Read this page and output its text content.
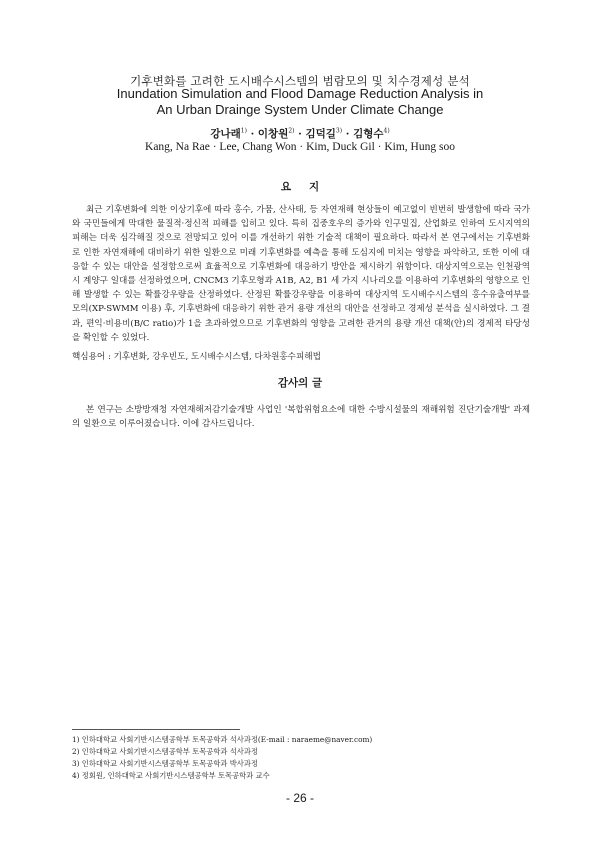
기후변화를 고려한 도시배수시스템의 범람모의 및 치수경제성 분석
Inundation Simulation and Flood Damage Reduction Analysis in
An Urban Drainge System Under Climate Change
강나래$^{1)}$ · 이창원$^{2)}$ · 김덕길$^{3)}$ · 김형수$^{4)}$
Kang, Na Rae · Lee, Chang Won · Kim, Duck Gil · Kim, Hung soo
요지

최근 기후변화에 의한 이상기후에 따라 홍수, 가뭄, 산사태, 등 자연재해 현상들이 예고없이 빈번히 발생함에 따라 국가와 국민들에게 막대한 물질적·정신적 피해를 입히고 있다. 특히 집중호우의 증가와 인구밀집, 산업화로 인하여 도시지역의 피해는 더욱 심각해질 것으로 전망되고 있어 이를 개선하기 위한 기술적 대책이 필요하다. 따라서 본 연구에서는 기후변화로 인한 자연재해에 대비하기 위한 일환으로 미래 기후변화를 예측을 통해 도심지에 미치는 영향을 파악하고, 또한 이에 대응할 수 있는 대안을 설정함으로써 효율적으로 기후변화에 대응하기 방안을 제시하기 위함이다. 대상지역으로는 인천광역시 계양구 일대를 선정하였으며, CNCM3 기후모형과 A1B, A2, B1 세 가지 시나리오를 이용하여 기후변화의 영향으로 인해 발생할 수 있는 확률강우량을 산정하였다. 산정된 확률강우량을 이용하여 대상지역 도시배수시스템의 홍수유출여부를 모의(XP-SWMM 이용) 후, 기후변화에 대응하기 위한 관거 용량 개선의 대안을 선정하고 경제성 분석을 실시하였다. 그 결과, 편익·비용비(B/C ratio)가 1을 초과하였으므로 기후변화의 영향을 고려한 관거의 용량 개선 대책(안)의 경제적 타당성을 확인할 수 있었다.

핵심용어 : 기후변화, 강우빈도, 도시배수시스템, 다차원홍수피해법
감사의 글

본 연구는 소방방재청 자연재해저감기술개발 사업인 '복합위험요소에 대한 수방시설물의 재해위험 진단기술개발' 과제의 일환으로 이루어졌습니다. 이에 감사드립니다.

1) 인하대학교 사회기반시스템공학부 토목공학과 석사과정(E-mail : naraeme@naver.com)
2) 인하대학교 사회기반시스템공학부 토목공학과 석사과정
3) 인하대학교 사회기반시스템공학부 토목공학과 박사과정
4) 정회원, 인하대학교 사회기반시스템공학부 토목공학과 교수
- 26 -
